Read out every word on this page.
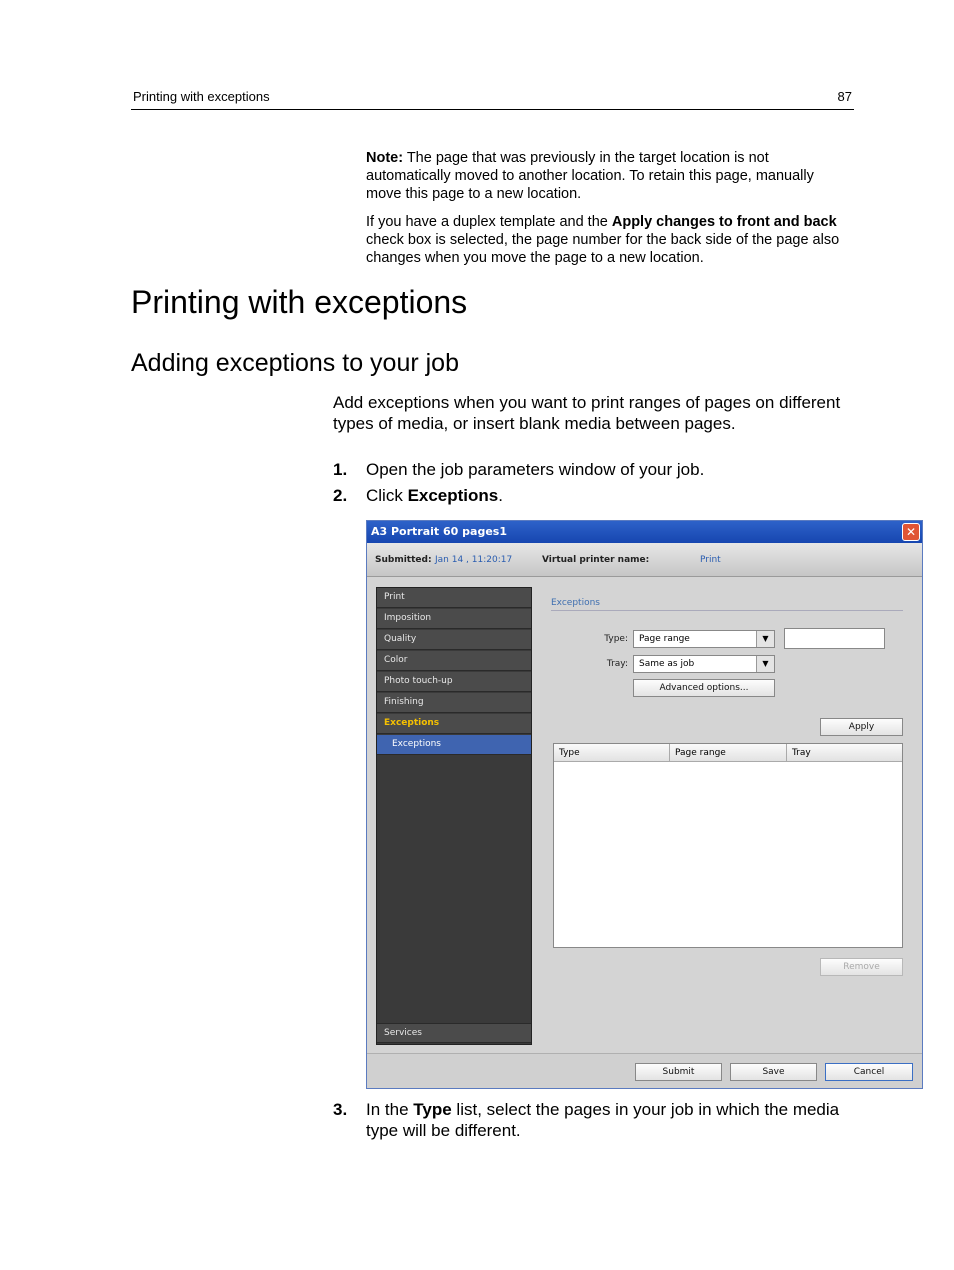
Printing with exceptions	87
Note: The page that was previously in the target location is not automatically moved to another location. To retain this page, manually move this page to a new location.
If you have a duplex template and the Apply changes to front and back check box is selected, the page number for the back side of the page also changes when you move the page to a new location.
Printing with exceptions
Adding exceptions to your job
Add exceptions when you want to print ranges of pages on different types of media, or insert blank media between pages.
1. Open the job parameters window of your job.
2. Click Exceptions.
A3 Portrait 60 pages1	✕
Submitted: Jan 14 , 11:20:17	Virtual printer name:	Print
Print
Imposition
Quality
Color
Photo touch-up
Finishing
Exceptions
Exceptions
Services
Exceptions
Type:	Page range	▼
Tray:	Same as job	▼
Advanced options...
Apply
Type	Page range	Tray
Remove
Submit	Save	Cancel
3. In the Type list, select the pages in your job in which the media type will be different.
